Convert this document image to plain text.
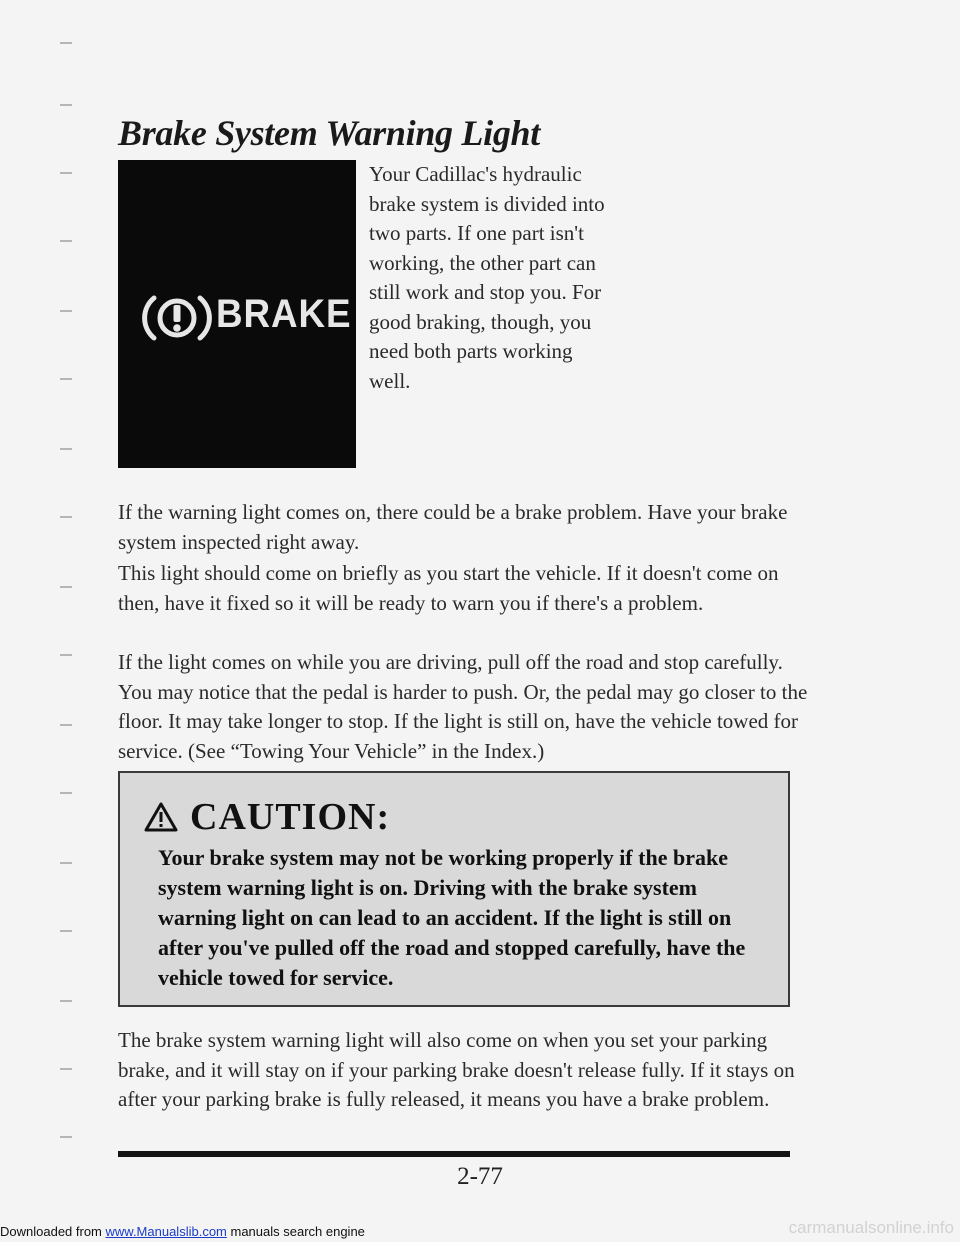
Brake System Warning Light
BRAKE

Your Cadillac's hydraulic brake system is divided into two parts. If one part isn't working, the other part can still work and stop you. For good braking, though, you need both parts working well.

If the warning light comes on, there could be a brake problem. Have your brake system inspected right away.

This light should come on briefly as you start the vehicle. If it doesn't come on then, have it fixed so it will be ready to warn you if there's a problem.

If the light comes on while you are driving, pull off the road and stop carefully. You may notice that the pedal is harder to push. Or, the pedal may go closer to the floor. It may take longer to stop. If the light is still on, have the vehicle towed for service. (See “Towing Your Vehicle” in the Index.)

CAUTION:

Your brake system may not be working properly if the brake system warning light is on. Driving with the brake system warning light on can lead to an accident. If the light is still on after you've pulled off the road and stopped carefully, have the vehicle towed for service.

The brake system warning light will also come on when you set your parking brake, and it will stay on if your parking brake doesn't release fully. If it stays on after your parking brake is fully released, it means you have a brake problem.

2-77
Downloaded from www.Manualslib.com manuals search engine	carmanualsonline.info
